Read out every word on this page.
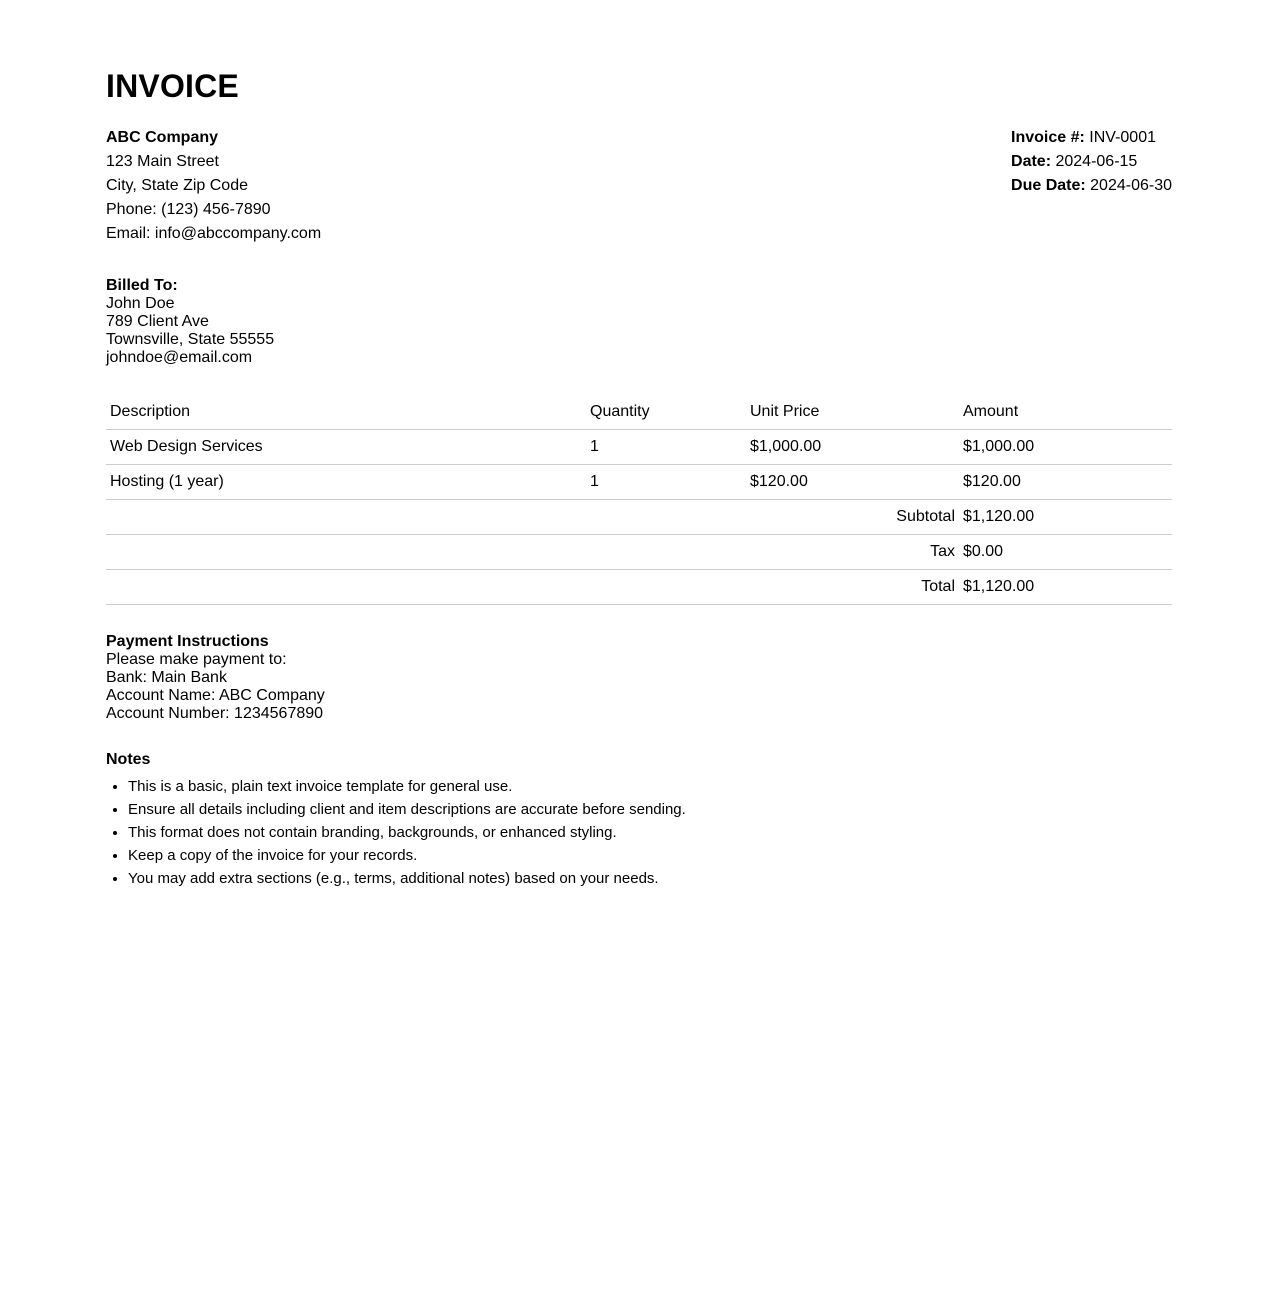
INVOICE
ABC Company
123 Main Street
City, State Zip Code
Phone: (123) 456-7890
Email: info@abccompany.com
Invoice #: INV-0001
Date: 2024-06-15
Due Date: 2024-06-30
Billed To:
John Doe
789 Client Ave
Townsville, State 55555
johndoe@email.com
Description	Quantity	Unit Price	Amount
Web Design Services	1	$1,000.00	$1,000.00
Hosting (1 year)	1	$120.00	$120.00
Subtotal			$1,120.00
Tax			$0.00
Total			$1,120.00
Payment Instructions
Please make payment to:
Bank: Main Bank
Account Name: ABC Company
Account Number: 1234567890
Notes
• This is a basic, plain text invoice template for general use.
• Ensure all details including client and item descriptions are accurate before sending.
• This format does not contain branding, backgrounds, or enhanced styling.
• Keep a copy of the invoice for your records.
• You may add extra sections (e.g., terms, additional notes) based on your needs.
